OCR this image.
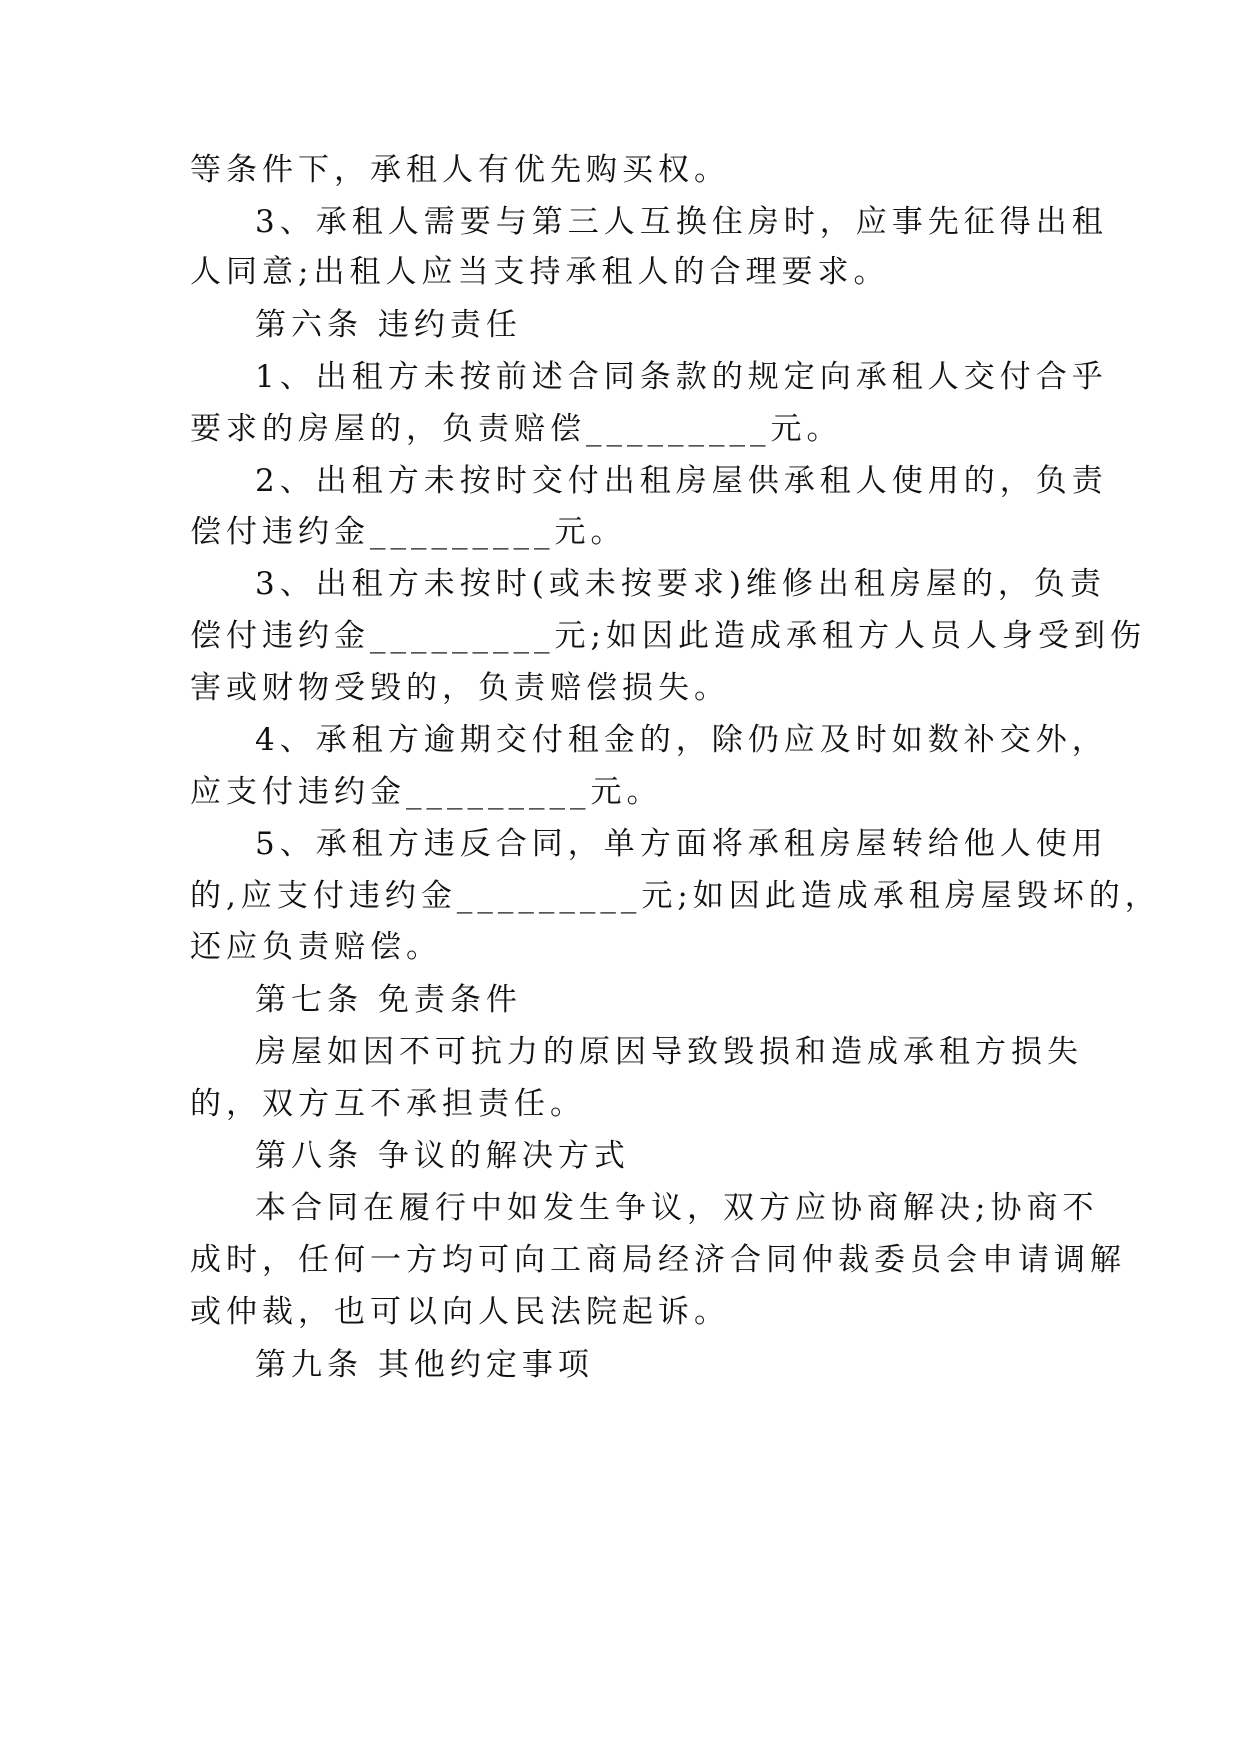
等条件下，承租人有优先购买权。
3、承租人需要与第三人互换住房时，应事先征得出租
人同意;出租人应当支持承租人的合理要求。
第六条 违约责任
1、出租方未按前述合同条款的规定向承租人交付合乎
要求的房屋的，负责赔偿_________元。
2、出租方未按时交付出租房屋供承租人使用的，负责
偿付违约金_________元。
3、出租方未按时(或未按要求)维修出租房屋的，负责
偿付违约金_________元;如因此造成承租方人员人身受到伤
害或财物受毁的，负责赔偿损失。
4、承租方逾期交付租金的，除仍应及时如数补交外，
应支付违约金_________元。
5、承租方违反合同，单方面将承租房屋转给他人使用
的,应支付违约金_________元;如因此造成承租房屋毁坏的，
还应负责赔偿。
第七条 免责条件
房屋如因不可抗力的原因导致毁损和造成承租方损失
的，双方互不承担责任。
第八条 争议的解决方式
本合同在履行中如发生争议，双方应协商解决;协商不
成时，任何一方均可向工商局经济合同仲裁委员会申请调解
或仲裁，也可以向人民法院起诉。
第九条 其他约定事项
